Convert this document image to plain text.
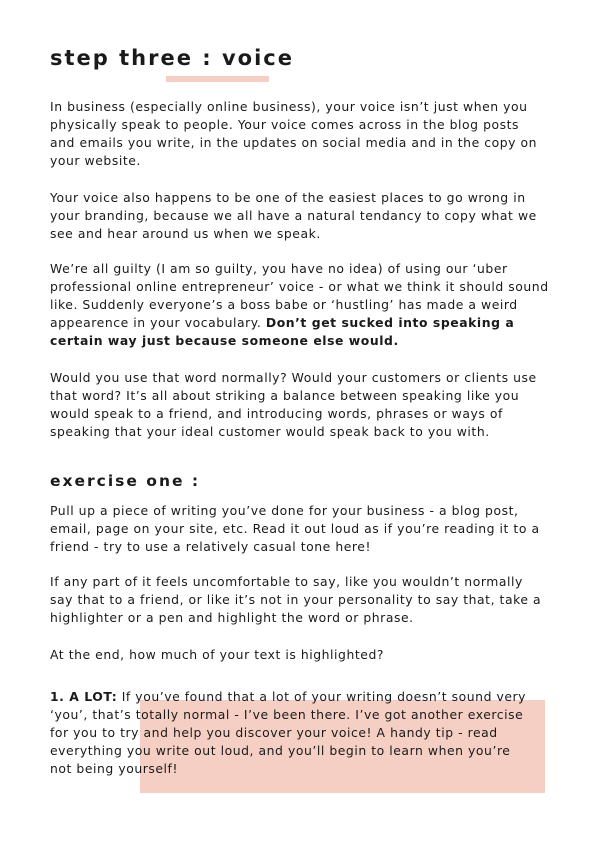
step three : voice

In business (especially online business), your voice isn’t just when you
physically speak to people. Your voice comes across in the blog posts
and emails you write, in the updates on social media and in the copy on
your website.

Your voice also happens to be one of the easiest places to go wrong in
your branding, because we all have a natural tendancy to copy what we
see and hear around us when we speak.

We’re all guilty (I am so guilty, you have no idea) of using our ‘uber
professional online entrepreneur’ voice - or what we think it should sound
like. Suddenly everyone’s a boss babe or ‘hustling’ has made a weird
appearence in your vocabulary. Don’t get sucked into speaking a
certain way just because someone else would.

Would you use that word normally? Would your customers or clients use
that word? It’s all about striking a balance between speaking like you
would speak to a friend, and introducing words, phrases or ways of
speaking that your ideal customer would speak back to you with.

exercise one :

Pull up a piece of writing you’ve done for your business - a blog post,
email, page on your site, etc. Read it out loud as if you’re reading it to a
friend - try to use a relatively casual tone here!

If any part of it feels uncomfortable to say, like you wouldn’t normally
say that to a friend, or like it’s not in your personality to say that, take a
highlighter or a pen and highlight the word or phrase.

At the end, how much of your text is highlighted?

1. A LOT: If you’ve found that a lot of your writing doesn’t sound very
‘you’, that’s totally normal - I’ve been there. I’ve got another exercise
for you to try and help you discover your voice! A handy tip - read
everything you write out loud, and you’ll begin to learn when you’re
not being yourself!
